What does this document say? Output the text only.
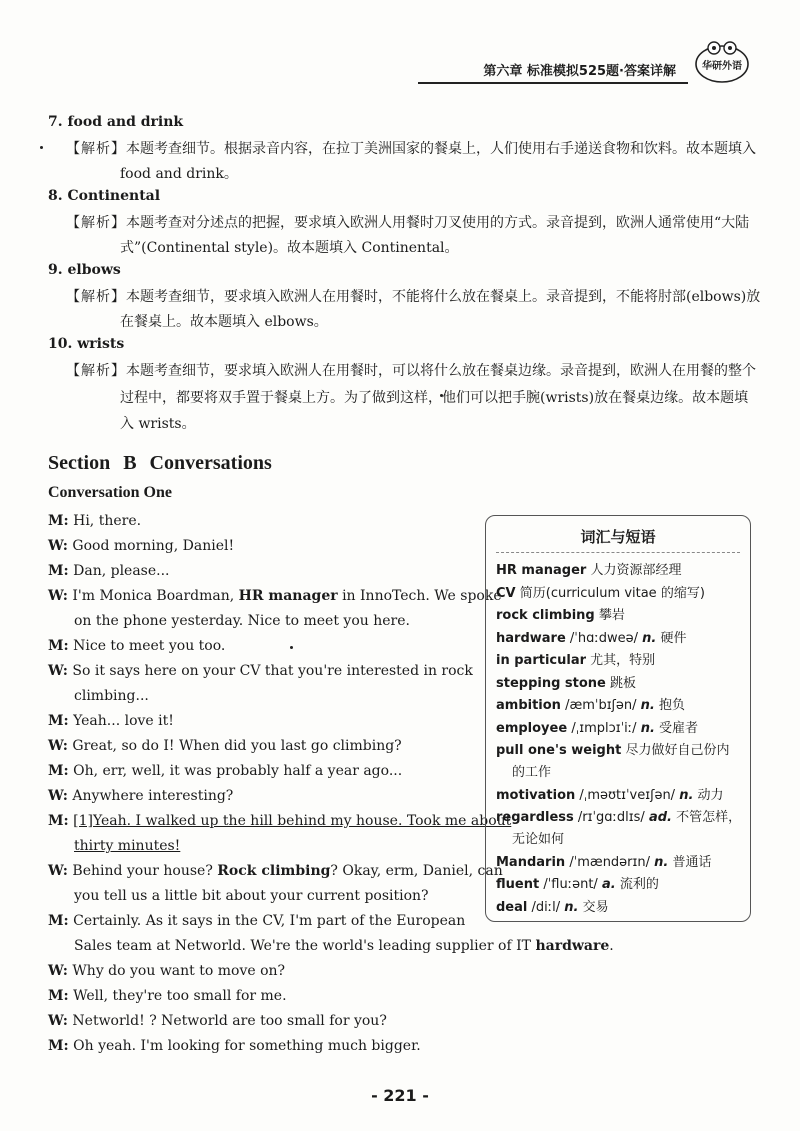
第六章 标准模拟525题·答案详解	华研外语
7. food and drink
【解析】本题考查细节。根据录音内容，在拉丁美洲国家的餐桌上，人们使用右手递送食物和饮料。故本题填入
food and drink。
8. Continental
【解析】本题考查对分述点的把握，要求填入欧洲人用餐时刀叉使用的方式。录音提到，欧洲人通常使用“大陆
式”(Continental style)。故本题填入 Continental。
9. elbows
【解析】本题考查细节，要求填入欧洲人在用餐时，不能将什么放在餐桌上。录音提到，不能将肘部(elbows)放
在餐桌上。故本题填入 elbows。
10. wrists
【解析】本题考查细节，要求填入欧洲人在用餐时，可以将什么放在餐桌边缘。录音提到，欧洲人在用餐的整个
过程中，都要将双手置于餐桌上方。为了做到这样，他们可以把手腕(wrists)放在餐桌边缘。故本题填
入 wrists。
Section B Conversations
Conversation One
M: Hi, there.
W: Good morning, Daniel!
M: Dan, please...
W: I'm Monica Boardman, HR manager in InnoTech. We spoke
on the phone yesterday. Nice to meet you here.
M: Nice to meet you too.
W: So it says here on your CV that you're interested in rock
climbing...
M: Yeah... love it!
W: Great, so do I! When did you last go climbing?
M: Oh, err, well, it was probably half a year ago...
W: Anywhere interesting?
M: [1]Yeah. I walked up the hill behind my house. Took me about
thirty minutes!
W: Behind your house? Rock climbing? Okay, erm, Daniel, can
you tell us a little bit about your current position?
M: Certainly. As it says in the CV, I'm part of the European
Sales team at Networld. We're the world's leading supplier of IT hardware.
W: Why do you want to move on?
M: Well, they're too small for me.
W: Networld! ? Networld are too small for you?
M: Oh yeah. I'm looking for something much bigger.
词汇与短语
HR manager 人力资源部经理
CV 简历(curriculum vitae 的缩写)
rock climbing 攀岩
hardware /ˈhɑːdweə/ n. 硬件
in particular 尤其，特别
stepping stone 跳板
ambition /æmˈbɪʃən/ n. 抱负
employee /ˌɪmplɔɪˈiː/ n. 受雇者
pull one's weight 尽力做好自己份内
的工作
motivation /ˌməʊtɪˈveɪʃən/ n. 动力
regardless /rɪˈgɑːdlɪs/ ad. 不管怎样，
无论如何
Mandarin /ˈmændərɪn/ n. 普通话
fluent /ˈfluːənt/ a. 流利的
deal /diːl/ n. 交易
- 221 -
